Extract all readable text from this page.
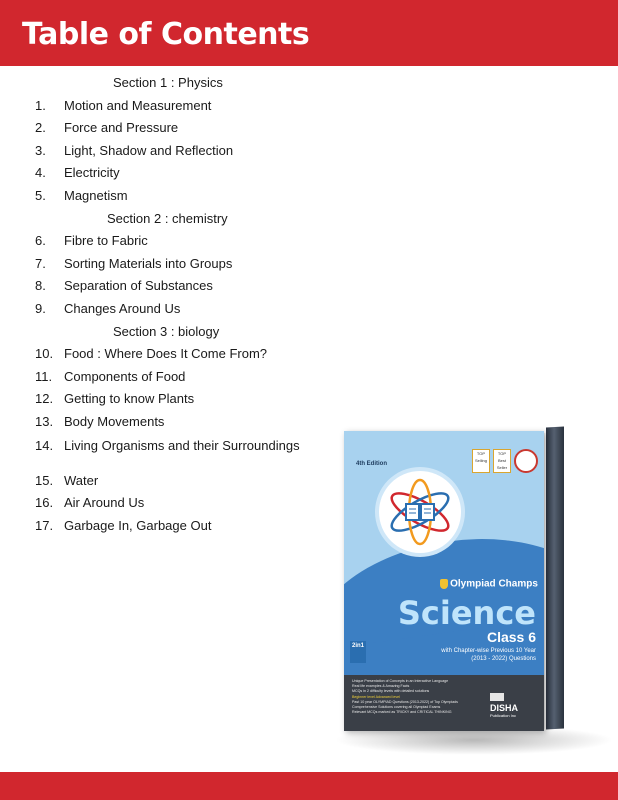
Table of Contents
Section 1 : Physics
1. Motion and Measurement
2. Force and Pressure
3. Light, Shadow and Reflection
4. Electricity
5. Magnetism
Section 2 : chemistry
6. Fibre to Fabric
7. Sorting Materials into Groups
8. Separation of Substances
9. Changes Around Us
Section 3 : biology
10. Food : Where Does It Come From?
11. Components of Food
12. Getting to know Plants
13. Body Movements
14. Living Organisms and their Surroundings
15. Water
16. Air Around Us
17. Garbage In, Garbage Out
4th Edition
TOP Selling
TOP Best Seller
Olympiad Champs
Science
Class 6
with Chapter-wise Previous 10 Year
(2013 - 2022) Questions
2in1
Unique Presentation of Concepts in an Interactive Language
Real life examples & Amazing Facts
MCQs in 2 difficulty levels with detailed solutions
Beginner level Advanced level
Past 10 year OLYMPIAD Questions (2013-2022) of Top Olympiads
Comprehensive Solutions covering all Olympiad Exams
Relevant MCQs marked as TRICKY and CRITICAL THINKING	DISHA
Publication Inc
